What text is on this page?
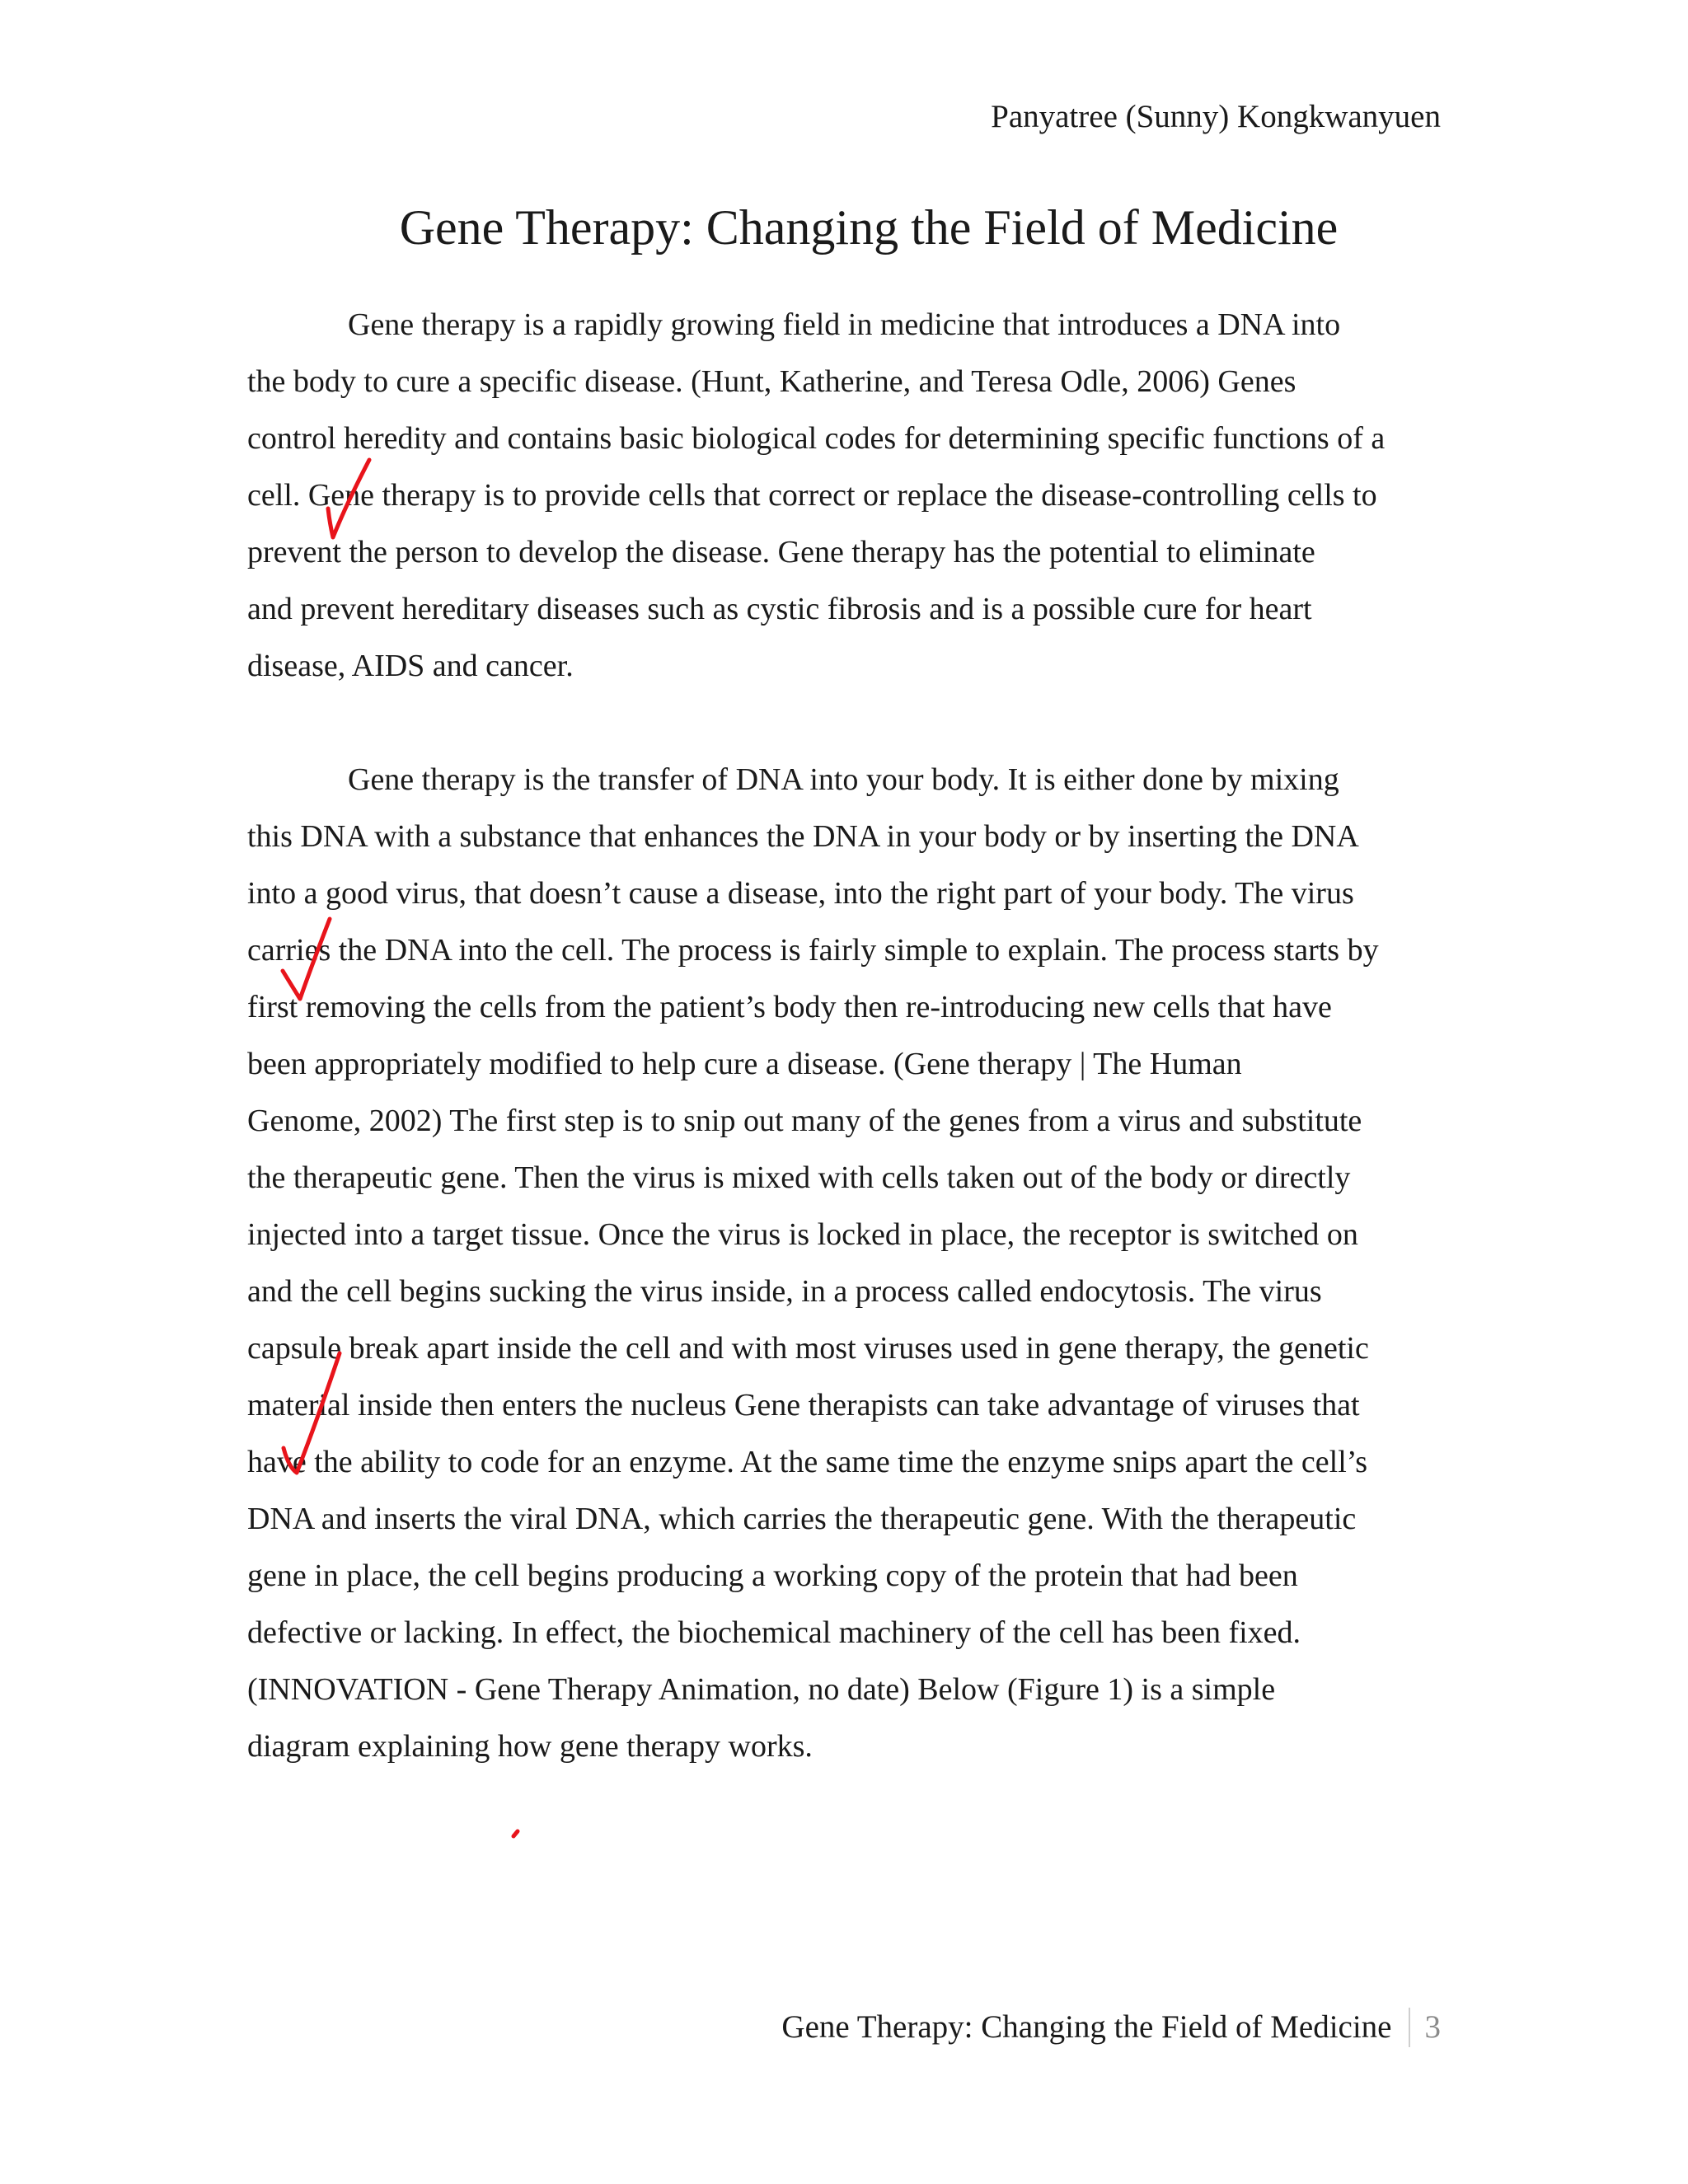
Panyatree (Sunny) Kongkwanyuen
Gene Therapy: Changing the Field of Medicine
Gene therapy is a rapidly growing field in medicine that introduces a DNA into
the body to cure a specific disease. (Hunt, Katherine, and Teresa Odle, 2006) Genes
control heredity and contains basic biological codes for determining specific functions of a
cell. Gene therapy is to provide cells that correct or replace the disease-controlling cells to
prevent the person to develop the disease. Gene therapy has the potential to eliminate
and prevent hereditary diseases such as cystic fibrosis and is a possible cure for heart
disease, AIDS and cancer.
Gene therapy is the transfer of DNA into your body. It is either done by mixing
this DNA with a substance that enhances the DNA in your body or by inserting the DNA
into a good virus, that doesn’t cause a disease, into the right part of your body. The virus
carries the DNA into the cell. The process is fairly simple to explain. The process starts by
first removing the cells from the patient’s body then re-introducing new cells that have
been appropriately modified to help cure a disease. (Gene therapy | The Human
Genome, 2002) The first step is to snip out many of the genes from a virus and substitute
the therapeutic gene. Then the virus is mixed with cells taken out of the body or directly
injected into a target tissue. Once the virus is locked in place, the receptor is switched on
and the cell begins sucking the virus inside, in a process called endocytosis. The virus
capsule break apart inside the cell and with most viruses used in gene therapy, the genetic
material inside then enters the nucleus Gene therapists can take advantage of viruses that
have the ability to code for an enzyme. At the same time the enzyme snips apart the cell’s
DNA and inserts the viral DNA, which carries the therapeutic gene. With the therapeutic
gene in place, the cell begins producing a working copy of the protein that had been
defective or lacking. In effect, the biochemical machinery of the cell has been fixed.
(INNOVATION - Gene Therapy Animation, no date) Below (Figure 1) is a simple
diagram explaining how gene therapy works.
Gene Therapy: Changing the Field of Medicine 3
